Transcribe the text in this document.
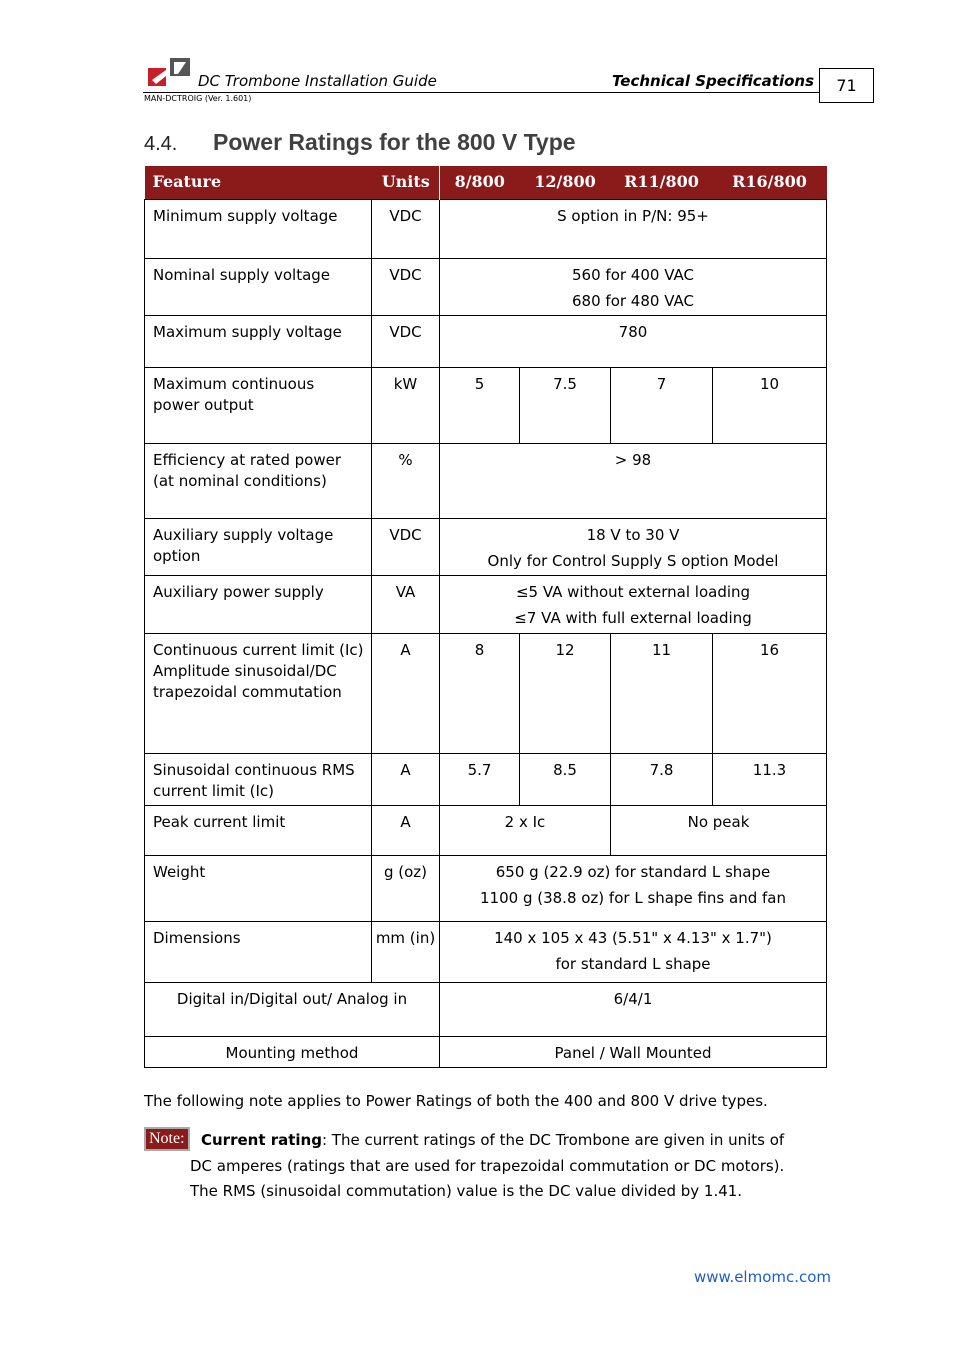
DC Trombone Installation Guide	Technical Specifications
MAN-DCTROIG (Ver. 1.601)
71
4.4. Power Ratings for the 800 V Type
Feature	Units	8/800	12/800	R11/800	R16/800
Minimum supply voltage	VDC	S option in P/N: 95+			
Nominal supply voltage	VDC	560 for 400 VAC
680 for 480 VAC			

Maximum supply voltage	VDC	780			
Maximum continuous power output	kW	5	7.5	7	10
Efficiency at rated power (at nominal conditions)	%	> 98			
Auxiliary supply voltage option	VDC	18 V to 30 V
Only for Control Supply S option Model			

Auxiliary power supply	VA	≤5 VA without external loading
≤7 VA with full external loading			

Continuous current limit (Ic) Amplitude sinusoidal/DC trapezoidal commutation	A	8	12	11	16
Sinusoidal continuous RMS current limit (Ic)	A	5.7	8.5	7.8	11.3
Peak current limit	A	2 x Ic		No peak	
Weight	g (oz)	650 g (22.9 oz) for standard L shape
1100 g (38.8 oz) for L shape fins and fan			

Dimensions	mm (in)	140 x 105 x 43 (5.51" x 4.13" x 1.7")
for standard L shape			

Digital in/Digital out/ Analog in		6/4/1			
Mounting method		Panel / Wall Mounted			
The following note applies to Power Ratings of both the 400 and 800 V drive types.
Note:	Current rating: The current ratings of the DC Trombone are given in units of DC amperes (ratings that are used for trapezoidal commutation or DC motors). The RMS (sinusoidal commutation) value is the DC value divided by 1.41.
www.elmomc.com
